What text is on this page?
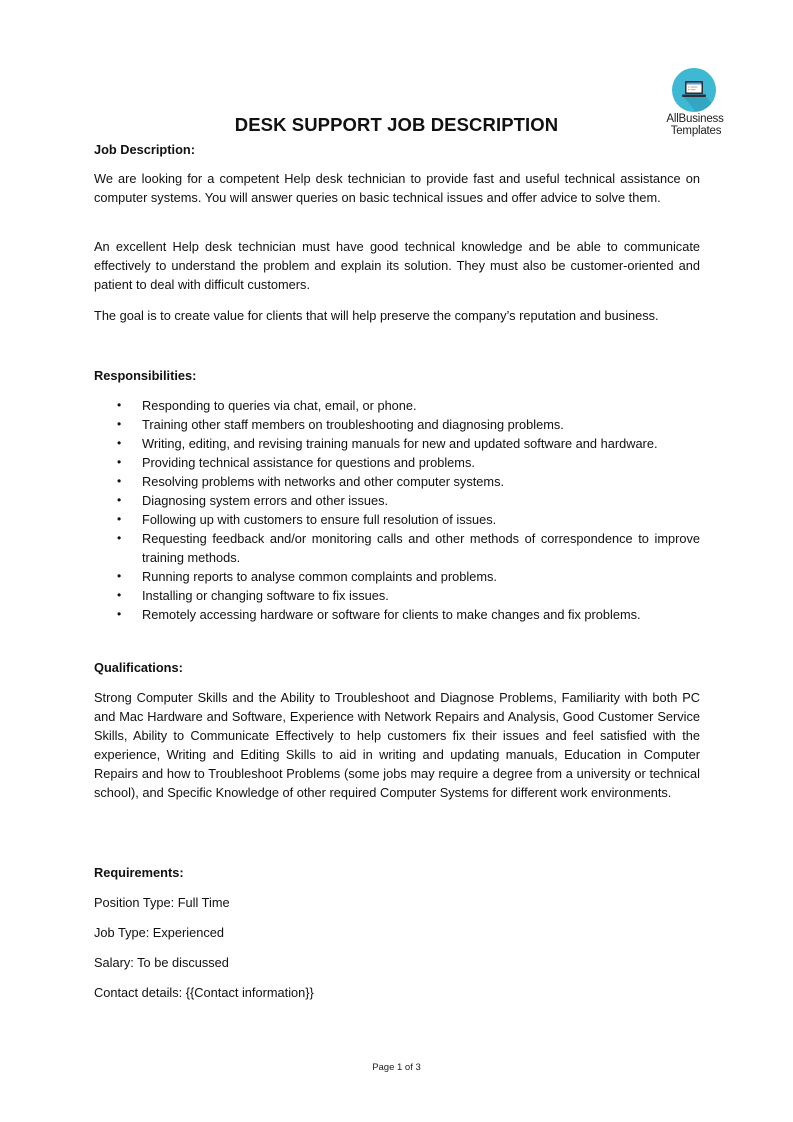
AllBusiness
Templates
DESK SUPPORT JOB DESCRIPTION
Job Description:

We are looking for a competent Help desk technician to provide fast and useful technical assistance on computer systems. You will answer queries on basic technical issues and offer advice to solve them.

An excellent Help desk technician must have good technical knowledge and be able to communicate effectively to understand the problem and explain its solution. They must also be customer-oriented and patient to deal with difficult customers.

The goal is to create value for clients that will help preserve the company’s reputation and business.

Responsibilities:
• Responding to queries via chat, email, or phone.
• Training other staff members on troubleshooting and diagnosing problems.
• Writing, editing, and revising training manuals for new and updated software and hardware.
• Providing technical assistance for questions and problems.
• Resolving problems with networks and other computer systems.
• Diagnosing system errors and other issues.
• Following up with customers to ensure full resolution of issues.
• Requesting feedback and/or monitoring calls and other methods of correspondence to improve training methods.
• Running reports to analyse common complaints and problems.
• Installing or changing software to fix issues.
• Remotely accessing hardware or software for clients to make changes and fix problems.
Qualifications:

Strong Computer Skills and the Ability to Troubleshoot and Diagnose Problems, Familiarity with both PC and Mac Hardware and Software, Experience with Network Repairs and Analysis, Good Customer Service Skills, Ability to Communicate Effectively to help customers fix their issues and feel satisfied with the experience, Writing and Editing Skills to aid in writing and updating manuals, Education in Computer Repairs and how to Troubleshoot Problems (some jobs may require a degree from a university or technical school), and Specific Knowledge of other required Computer Systems for different work environments.

Requirements:
Position Type: Full Time
Job Type: Experienced
Salary: To be discussed
Contact details: {{Contact information}}
Page 1 of 3
